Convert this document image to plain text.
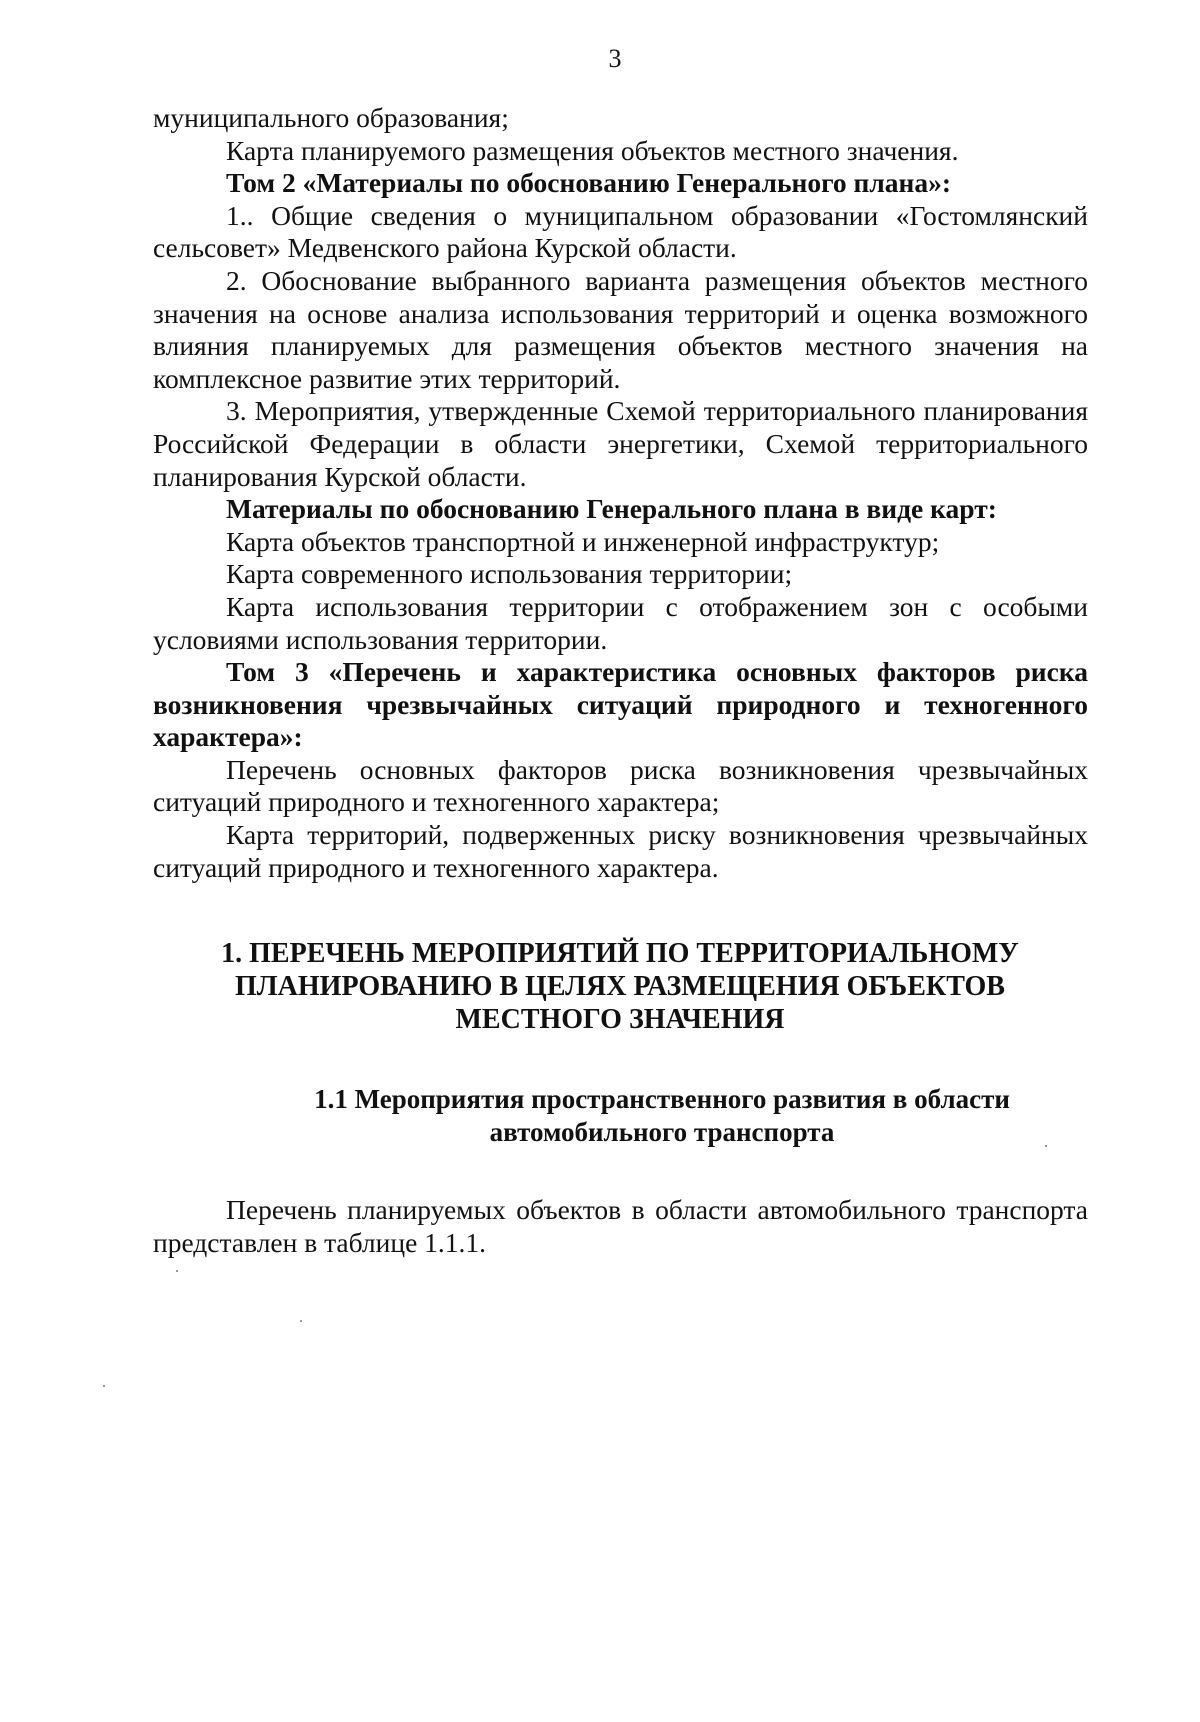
3

муниципального образования;

Карта планируемого размещения объектов местного значения.

Том 2 «Материалы по обоснованию Генерального плана»:

1.. Общие сведения о муниципальном образовании «Гостомлянский сельсовет» Медвенского района Курской области.

2. Обоснование выбранного варианта размещения объектов местного значения на основе анализа использования территорий и оценка возможного влияния планируемых для размещения объектов местного значения на комплексное развитие этих территорий.

3. Мероприятия, утвержденные Схемой территориального планирования Российской Федерации в области энергетики, Схемой территориального планирования Курской области.

Материалы по обоснованию Генерального плана в виде карт:

Карта объектов транспортной и инженерной инфраструктур;

Карта современного использования территории;

Карта использования территории с отображением зон с особыми условиями использования территории.

Том 3 «Перечень и характеристика основных факторов риска возникновения чрезвычайных ситуаций природного и техногенного характера»:

Перечень основных факторов риска возникновения чрезвычайных ситуаций природного и техногенного характера;

Карта территорий, подверженных риску возникновения чрезвычайных ситуаций природного и техногенного характера.

1. ПЕРЕЧЕНЬ МЕРОПРИЯТИЙ ПО ТЕРРИТОРИАЛЬНОМУ
ПЛАНИРОВАНИЮ В ЦЕЛЯХ РАЗМЕЩЕНИЯ ОБЪЕКТОВ
МЕСТНОГО ЗНАЧЕНИЯ
1.1 Мероприятия пространственного развития в области
автомобильного транспорта

Перечень планируемых объектов в области автомобильного транспорта представлен в таблице 1.1.1.
